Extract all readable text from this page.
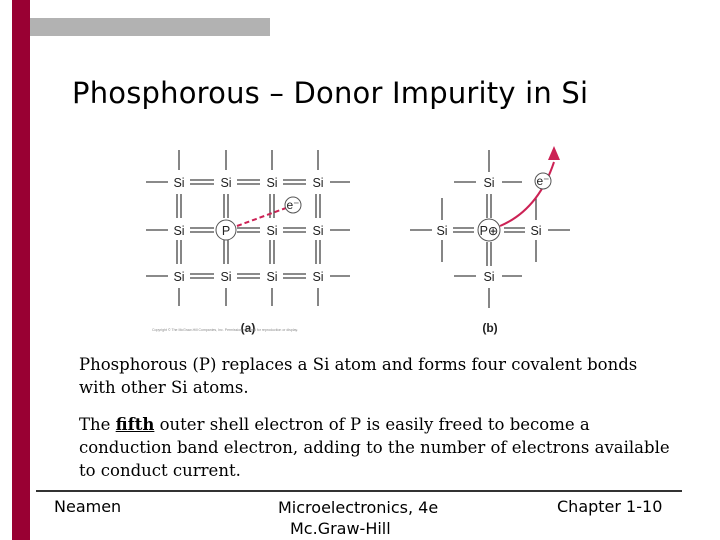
Phosphorous – Donor Impurity in Si
Si	Si	Si	Si
Si	P	Si	Si
Si	Si	Si	Si
e⁻
Si
Si	P⊕	Si
Si
e⁻
(a)	(b)
Copyright © The McGraw-Hill Companies, Inc. Permission required for reproduction or display.
Phosphorous (P) replaces a Si atom and forms four covalent bonds with other Si atoms.
The fifth outer shell electron of P is easily freed to become a conduction band electron, adding to the number of electrons available to conduct current.
Neamen	Microelectronics, 4e
Mc.Graw-Hill
Chapter 1-10
